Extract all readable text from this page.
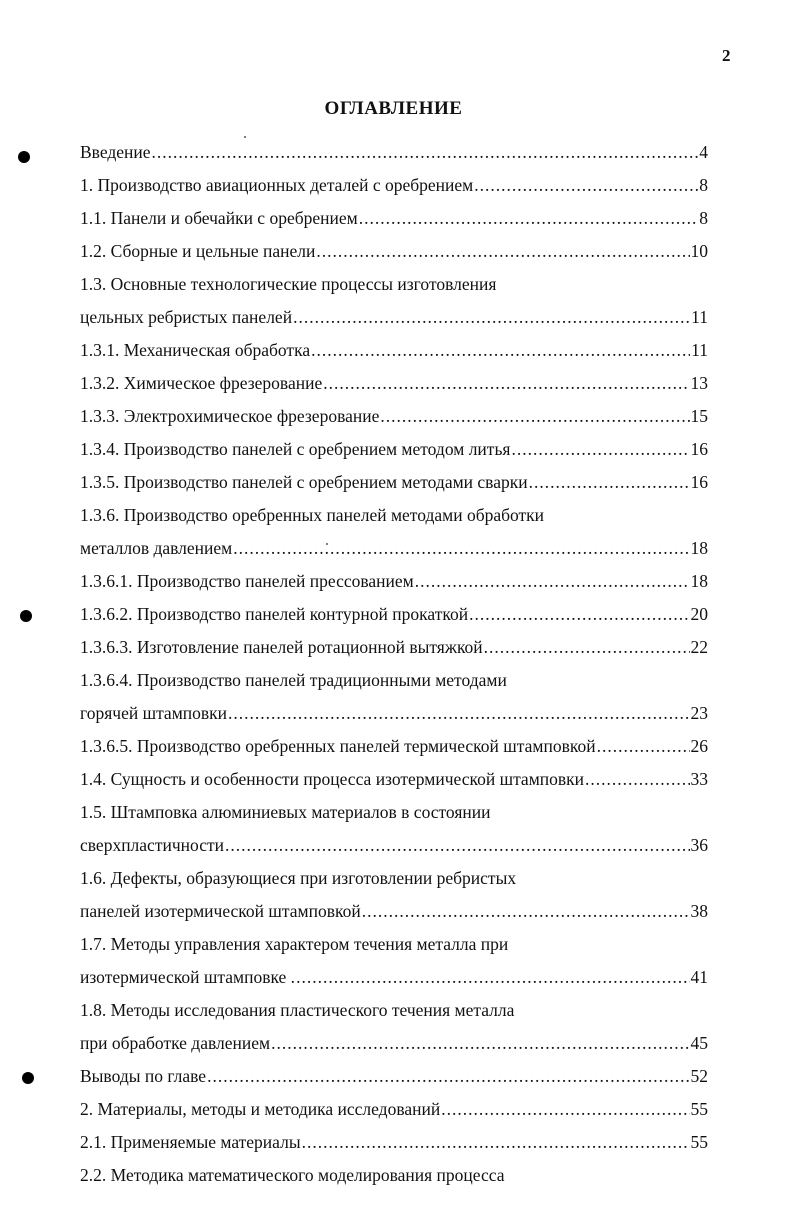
2
ОГЛАВЛЕНИЕ
Введение .....	4
1. Производство авиационных деталей с оребрением .....	8
1.1. Панели и обечайки с оребрением .....	8
1.2. Сборные и цельные панели .....	10
1.3. Основные технологические процессы изготовления
цельных ребристых панелей .....	11
1.3.1. Механическая обработка .....	11
1.3.2. Химическое фрезерование .....	13
1.3.3. Электрохимическое фрезерование .....	15
1.3.4. Производство панелей с оребрением методом литья .....	16
1.3.5. Производство панелей с оребрением методами сварки .....	16
1.3.6. Производство оребренных панелей методами обработки
металлов давлением .....	18
1.3.6.1. Производство панелей прессованием .....	18
1.3.6.2. Производство панелей контурной прокаткой .....	20
1.3.6.3. Изготовление панелей ротационной вытяжкой .....	22
1.3.6.4. Производство панелей традиционными методами
горячей штамповки .....	23
1.3.6.5. Производство оребренных панелей термической штамповкой .....	26
1.4. Сущность и особенности процесса изотермической штамповки .....	33
1.5. Штамповка алюминиевых материалов в состоянии
сверхпластичности .....	36
1.6. Дефекты, образующиеся при изготовлении ребристых
панелей изотермической штамповкой .....	38
1.7. Методы управления характером течения металла при
изотермической штамповке . .....	41
1.8. Методы исследования пластического течения металла
при обработке давлением .....	45
Выводы по главе .....	52
2. Материалы, методы и методика исследований .....	55
2.1. Применяемые материалы .....	55
2.2. Методика математического моделирования процесса
